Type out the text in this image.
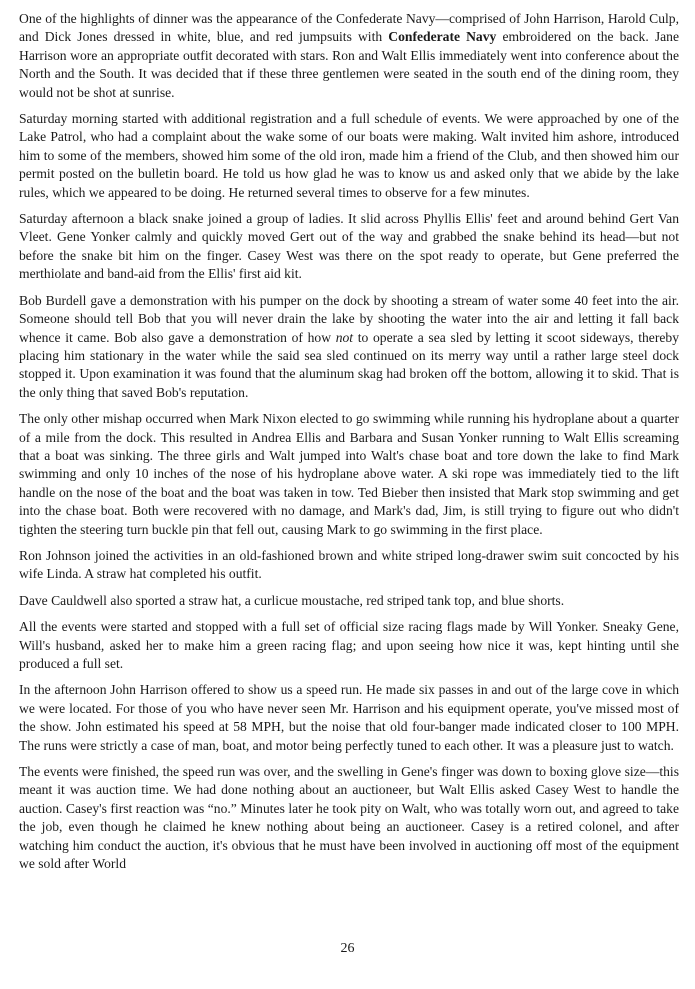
One of the highlights of dinner was the appearance of the Confederate Navy—comprised of John Harrison, Harold Culp, and Dick Jones dressed in white, blue, and red jumpsuits with Confederate Navy embroidered on the back. Jane Harrison wore an appropriate outfit decorated with stars. Ron and Walt Ellis immediately went into conference about the North and the South. It was decided that if these three gentlemen were seated in the south end of the dining room, they would not be shot at sunrise.

Saturday morning started with additional registration and a full schedule of events. We were approached by one of the Lake Patrol, who had a complaint about the wake some of our boats were making. Walt invited him ashore, introduced him to some of the members, showed him some of the old iron, made him a friend of the Club, and then showed him our permit posted on the bulletin board. He told us how glad he was to know us and asked only that we abide by the lake rules, which we appeared to be doing. He returned several times to observe for a few minutes.

Saturday afternoon a black snake joined a group of ladies. It slid across Phyllis Ellis' feet and around behind Gert Van Vleet. Gene Yonker calmly and quickly moved Gert out of the way and grabbed the snake behind its head—but not before the snake bit him on the finger. Casey West was there on the spot ready to operate, but Gene preferred the merthiolate and band-aid from the Ellis' first aid kit.

Bob Burdell gave a demonstration with his pumper on the dock by shooting a stream of water some 40 feet into the air. Someone should tell Bob that you will never drain the lake by shooting the water into the air and letting it fall back whence it came. Bob also gave a demonstration of how not to operate a sea sled by letting it scoot sideways, thereby placing him stationary in the water while the said sea sled continued on its merry way until a rather large steel dock stopped it. Upon examination it was found that the aluminum skag had broken off the bottom, allowing it to skid. That is the only thing that saved Bob's reputation.

The only other mishap occurred when Mark Nixon elected to go swimming while running his hydroplane about a quarter of a mile from the dock. This resulted in Andrea Ellis and Barbara and Susan Yonker running to Walt Ellis screaming that a boat was sinking. The three girls and Walt jumped into Walt's chase boat and tore down the lake to find Mark swimming and only 10 inches of the nose of his hydroplane above water. A ski rope was immediately tied to the lift handle on the nose of the boat and the boat was taken in tow. Ted Bieber then insisted that Mark stop swimming and get into the chase boat. Both were recovered with no damage, and Mark's dad, Jim, is still trying to figure out who didn't tighten the steering turn buckle pin that fell out, causing Mark to go swimming in the first place.

Ron Johnson joined the activities in an old-fashioned brown and white striped long-drawer swim suit concocted by his wife Linda. A straw hat completed his outfit.

Dave Cauldwell also sported a straw hat, a curlicue moustache, red striped tank top, and blue shorts.

All the events were started and stopped with a full set of official size racing flags made by Will Yonker. Sneaky Gene, Will's husband, asked her to make him a green racing flag; and upon seeing how nice it was, kept hinting until she produced a full set.

In the afternoon John Harrison offered to show us a speed run. He made six passes in and out of the large cove in which we were located. For those of you who have never seen Mr. Harrison and his equipment operate, you've missed most of the show. John estimated his speed at 58 MPH, but the noise that old four-banger made indicated closer to 100 MPH. The runs were strictly a case of man, boat, and motor being perfectly tuned to each other. It was a pleasure just to watch.

The events were finished, the speed run was over, and the swelling in Gene's finger was down to boxing glove size—this meant it was auction time. We had done nothing about an auctioneer, but Walt Ellis asked Casey West to handle the auction. Casey's first reaction was “no.” Minutes later he took pity on Walt, who was totally worn out, and agreed to take the job, even though he claimed he knew nothing about being an auctioneer. Casey is a retired colonel, and after watching him conduct the auction, it's obvious that he must have been involved in auctioning off most of the equipment we sold after World

26
